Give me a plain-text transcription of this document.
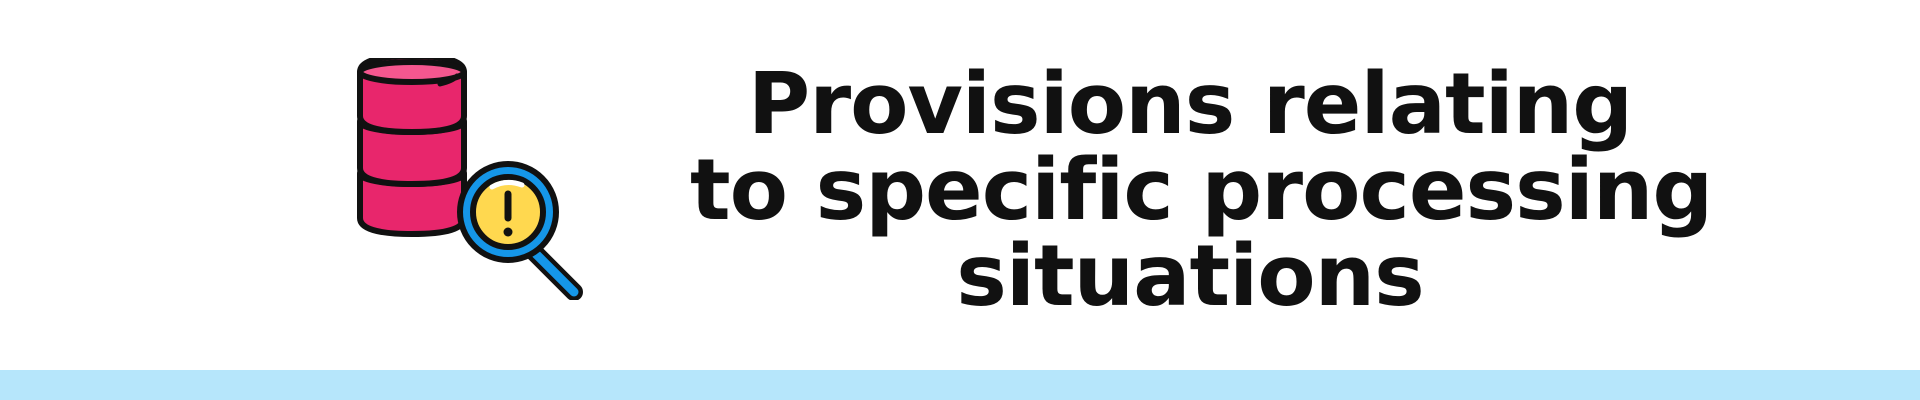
Provisions relating
to specific processing
situations
